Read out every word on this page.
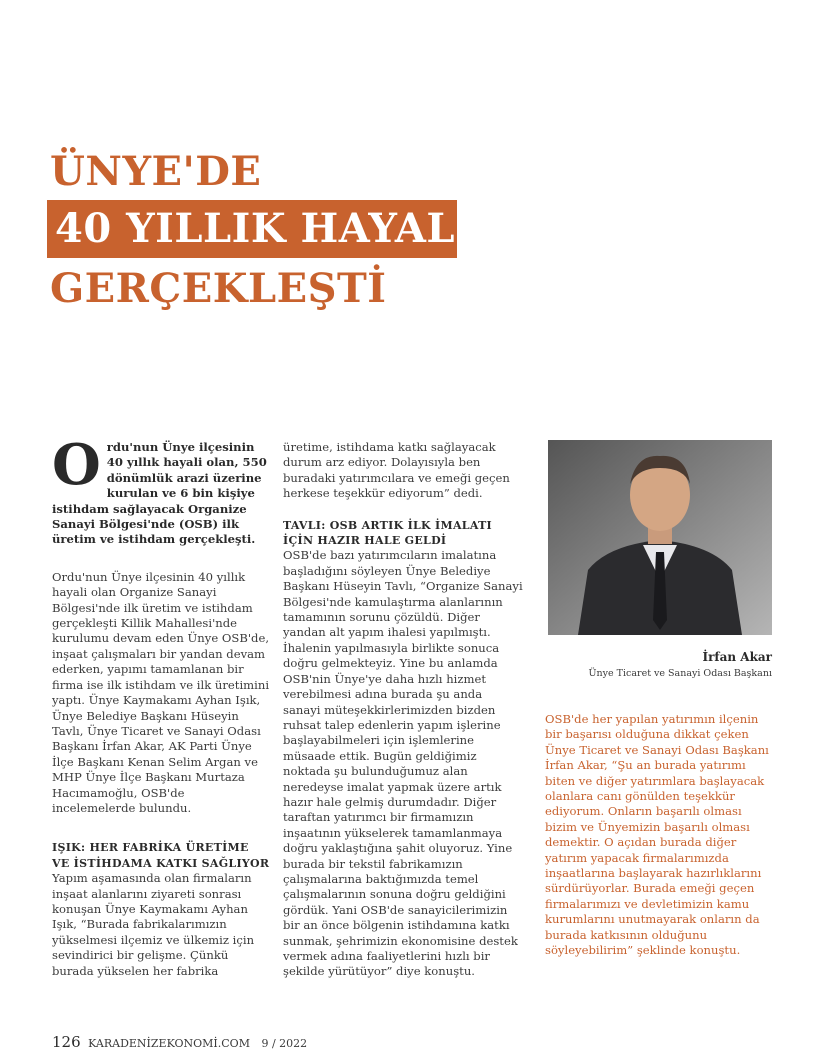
ÜNYE'DE
40 YILLIK HAYAL
GERÇEKLEŞTİ
Ordu'nun Ünye ilçesinin 40 yıllık hayali olan, 550 dönümlük arazi üzerine kurulan ve 6 bin kişiye istihdam sağlayacak Organize Sanayi Bölgesi'nde (OSB) ilk üretim ve istihdam gerçekleşti.

Ordu'nun Ünye ilçesinin 40 yıllık hayali olan Organize Sanayi Bölgesi'nde ilk üretim ve istihdam gerçekleşti Killik Mahallesi'nde kurulumu devam eden Ünye OSB'de, inşaat çalışmaları bir yandan devam ederken, yapımı tamamlanan bir firma ise ilk istihdam ve ilk üretimini yaptı. Ünye Kaymakamı Ayhan Işık, Ünye Belediye Başkanı Hüseyin Tavlı, Ünye Ticaret ve Sanayi Odası Başkanı İrfan Akar, AK Parti Ünye İlçe Başkanı Kenan Selim Argan ve MHP Ünye İlçe Başkanı Murtaza Hacımamoğlu, OSB'de incelemelerde bulundu.

IŞIK: HER FABRİKA ÜRETİME VE İSTİHDAMA KATKI SAĞLIYOR

Yapım aşamasında olan firmaların inşaat alanlarını ziyareti sonrası konuşan Ünye Kaymakamı Ayhan Işık, “Burada fabrikalarımızın yükselmesi ilçemiz ve ülkemiz için sevindirici bir gelişme. Çünkü burada yükselen her fabrika

üretime, istihdama katkı sağlayacak durum arz ediyor. Dolayısıyla ben buradaki yatırımcılara ve emeği geçen herkese teşekkür ediyorum” dedi.

TAVLI: OSB ARTIK İLK İMALATI İÇİN HAZIR HALE GELDİ

OSB'de bazı yatırımcıların imalatına başladığını söyleyen Ünye Belediye Başkanı Hüseyin Tavlı, “Organize Sanayi Bölgesi'nde kamulaştırma alanlarının tamamının sorunu çözüldü. Diğer yandan alt yapım ihalesi yapılmıştı. İhalenin yapılmasıyla birlikte sonuca doğru gelmekteyiz. Yine bu anlamda OSB'nin Ünye'ye daha hızlı hizmet verebilmesi adına burada şu anda sanayi müteşekkirlerimizden bizden ruhsat talep edenlerin yapım işlerine başlayabilmeleri için işlemlerine müsaade ettik. Bugün geldiğimiz noktada şu bulunduğumuz alan neredeyse imalat yapmak üzere artık hazır hale gelmiş durumdadır. Diğer taraftan yatırımcı bir firmamızın inşaatının yükselerek tamamlanmaya doğru yaklaştığına şahit oluyoruz. Yine burada bir tekstil fabrikamızın çalışmalarına baktığımızda temel çalışmalarının sonuna doğru geldiğini gördük. Yani OSB'de sanayicilerimizin bir an önce bölgenin istihdamına katkı sunmak, şehrimizin ekonomisine destek vermek adına faaliyetlerini hızlı bir şekilde yürütüyor” diye konuştu.

İrfan Akar
Ünye Ticaret ve Sanayi Odası Başkanı

OSB'de her yapılan yatırımın ilçenin bir başarısı olduğuna dikkat çeken Ünye Ticaret ve Sanayi Odası Başkanı İrfan Akar, “Şu an burada yatırımı biten ve diğer yatırımlara başlayacak olanlara canı gönülden teşekkür ediyorum. Onların başarılı olması bizim ve Ünyemizin başarılı olması demektir. O açıdan burada diğer yatırım yapacak firmalarımızda inşaatlarına başlayarak hazırlıklarını sürdürüyorlar. Burada emeği geçen firmalarımızı ve devletimizin kamu kurumlarını unutmayarak onların da burada katkısının olduğunu söyleyebilirim” şeklinde konuştu.

126 KARADENİZEKONOMİ.COM 9 / 2022
